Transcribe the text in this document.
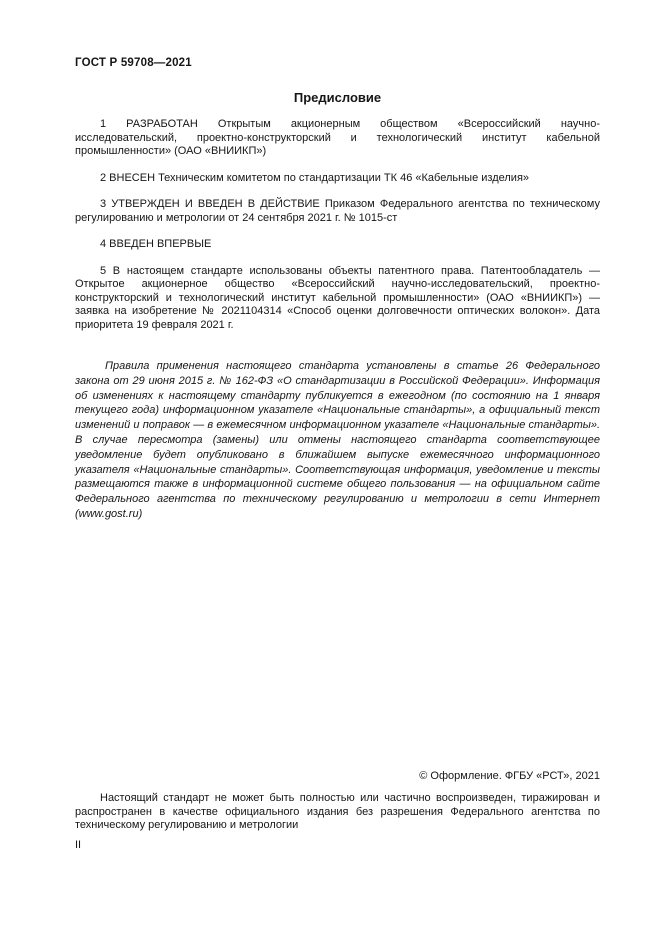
ГОСТ Р 59708—2021
Предисловие

1 РАЗРАБОТАН Открытым акционерным обществом «Всероссийский научно-исследовательский, проектно-конструкторский и технологический институт кабельной промышленности» (ОАО «ВНИИКП»)

2 ВНЕСЕН Техническим комитетом по стандартизации ТК 46 «Кабельные изделия»

3 УТВЕРЖДЕН И ВВЕДЕН В ДЕЙСТВИЕ Приказом Федерального агентства по техническому регулированию и метрологии от 24 сентября 2021 г. № 1015-ст

4 ВВЕДЕН ВПЕРВЫЕ

5 В настоящем стандарте использованы объекты патентного права. Патентообладатель — Открытое акционерное общество «Всероссийский научно-исследовательский, проектно-конструкторский и технологический институт кабельной промышленности» (ОАО «ВНИИКП») — заявка на изобретение № 2021104314 «Способ оценки долговечности оптических волокон». Дата приоритета 19 февраля 2021 г.

Правила применения настоящего стандарта установлены в статье 26 Федерального закона от 29 июня 2015 г. № 162-ФЗ «О стандартизации в Российской Федерации». Информация об изменениях к настоящему стандарту публикуется в ежегодном (по состоянию на 1 января текущего года) информационном указателе «Национальные стандарты», а официальный текст изменений и поправок — в ежемесячном информационном указателе «Национальные стандарты». В случае пересмотра (замены) или отмены настоящего стандарта соответствующее уведомление будет опубликовано в ближайшем выпуске ежемесячного информационного указателя «Национальные стандарты». Соответствующая информация, уведомление и тексты размещаются также в информационной системе общего пользования — на официальном сайте Федерального агентства по техническому регулированию и метрологии в сети Интернет (www.gost.ru)

© Оформление. ФГБУ «РСТ», 2021

Настоящий стандарт не может быть полностью или частично воспроизведен, тиражирован и распространен в качестве официального издания без разрешения Федерального агентства по техническому регулированию и метрологии

II
